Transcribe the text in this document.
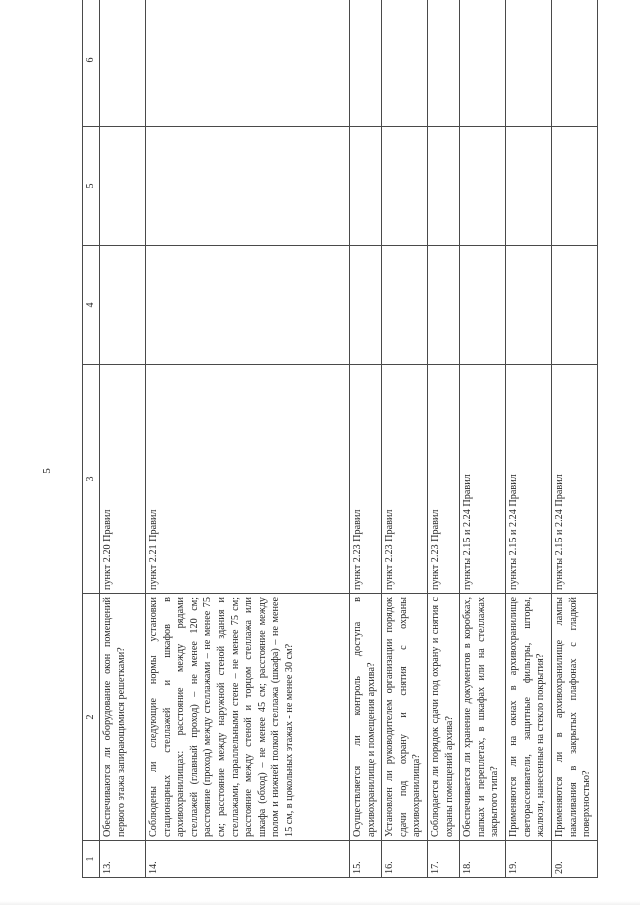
5
1	2	3	4	5	6
13.	Обеспечиваются ли оборудование окон помещений первого этажа запирающимися решетками?	пункт 2.20 Правил			
14.	Соблюдены ли следующие нормы установки стационарных стеллажей и шкафов в архивохранилищах: расстояние между рядами стеллажей (главный проход) – не менее 120 см; расстояние (проход) между стеллажами – не менее 75 см; расстояние между наружной стеной здания и стеллажами, параллельными стене – не менее 75 см; расстояние между стеной и торцом стеллажа или шкафа (обход) – не менее 45 см; расстояние между полом и нижней полкой стеллажа (шкафа) – не менее 15 см, в цокольных этажах - не менее 30 см?	пункт 2.21 Правил			
15.	Осуществляется ли контроль доступа в архивохранилище и помещения архива?	пункт 2.23 Правил			
16.	Установлен ли руководителем организации порядок сдачи под охрану и снятия с охраны архивохранилища?	пункт 2.23 Правил			
17.	Соблюдается ли порядок сдачи под охрану и снятия с охраны помещений архива?	пункт 2.23 Правил			
18.	Обеспечивается ли хранение документов в коробках, папках и переплетах, в шкафах или на стеллажах закрытого типа?	пункты 2.15 и 2.24 Правил			
19.	Применяются ли на окнах в архивохранилище светорассеиватели, защитные фильтры, шторы, жалюзи, нанесенные на стекло покрытия?	пункты 2.15 и 2.24 Правил			
20.	Применяются ли в архивохранилище лампы накаливания в закрытых плафонах с гладкой поверхностью?	пункты 2.15 и 2.24 Правил			
